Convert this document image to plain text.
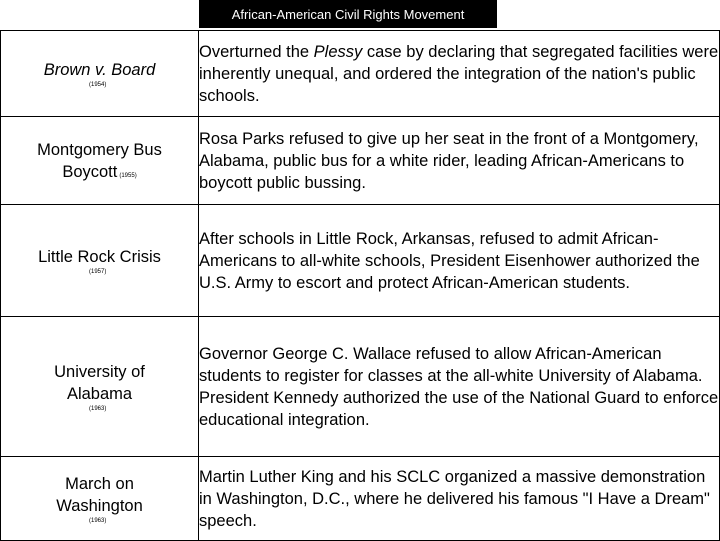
African-American Civil Rights Movement
Brown v. Board
(1954)	Overturned the Plessy case by declaring that segregated facilities were inherently unequal, and ordered the integration of the nation's public schools.

Montgomery Bus Boycott (1955)	Rosa Parks refused to give up her seat in the front of a Montgomery, Alabama, public bus for a white rider, leading African-Americans to boycott public bussing.
Little Rock Crisis
(1957)	After schools in Little Rock, Arkansas, refused to admit African-Americans to all-white schools, President Eisenhower authorized the U.S. Army to escort and protect African-American students.

University of Alabama
(1963)	Governor George C. Wallace refused to allow African-American students to register for classes at the all-white University of Alabama. President Kennedy authorized the use of the National Guard to enforce educational integration.

March on Washington
(1963)	Martin Luther King and his SCLC organized a massive demonstration in Washington, D.C., where he delivered his famous "I Have a Dream" speech.
